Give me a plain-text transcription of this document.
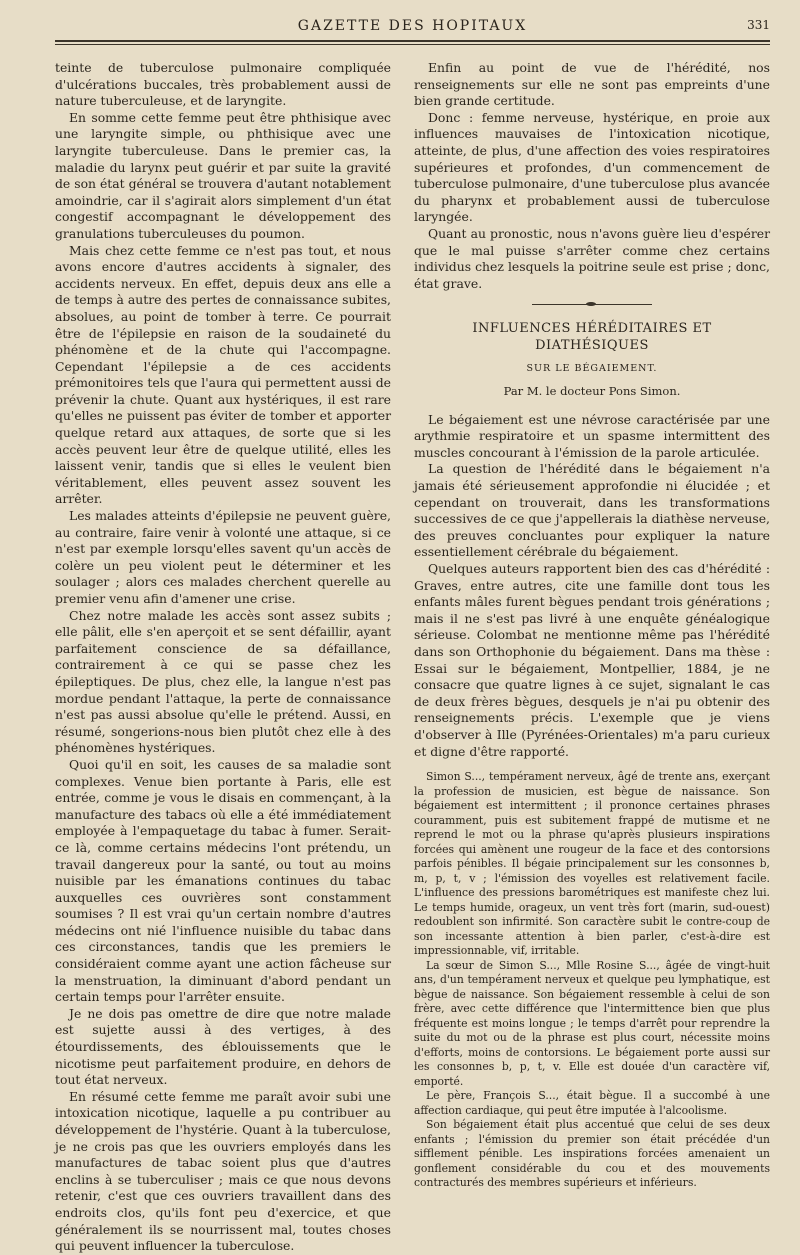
GAZETTE DES HOPITAUX	331

teinte de tuberculose pulmonaire compliquée d'ulcérations buccales, très probablement aussi de nature tuberculeuse, et de laryngite.

En somme cette femme peut être phthisique avec une laryngite simple, ou phthisique avec une laryngite tuberculeuse. Dans le premier cas, la maladie du larynx peut guérir et par suite la gravité de son état général se trouvera d'autant notablement amoindrie, car il s'agirait alors simplement d'un état congestif accompagnant le développement des granulations tuberculeuses du poumon.

Mais chez cette femme ce n'est pas tout, et nous avons encore d'autres accidents à signaler, des accidents nerveux. En effet, depuis deux ans elle a de temps à autre des pertes de connaissance subites, absolues, au point de tomber à terre. Ce pourrait être de l'épilepsie en raison de la soudaineté du phénomène et de la chute qui l'accompagne. Cependant l'épilepsie a de ces accidents prémonitoires tels que l'aura qui permettent aussi de prévenir la chute. Quant aux hystériques, il est rare qu'elles ne puissent pas éviter de tomber et apporter quelque retard aux attaques, de sorte que si les accès peuvent leur être de quelque utilité, elles les laissent venir, tandis que si elles le veulent bien véritablement, elles peuvent assez souvent les arrêter.

Les malades atteints d'épilepsie ne peuvent guère, au contraire, faire venir à volonté une attaque, si ce n'est par exemple lorsqu'elles savent qu'un accès de colère un peu violent peut le déterminer et les soulager ; alors ces malades cherchent querelle au premier venu afin d'amener une crise.

Chez notre malade les accès sont assez subits ; elle pâlit, elle s'en aperçoit et se sent défaillir, ayant parfaitement conscience de sa défaillance, contrairement à ce qui se passe chez les épileptiques. De plus, chez elle, la langue n'est pas mordue pendant l'attaque, la perte de connaissance n'est pas aussi absolue qu'elle le prétend. Aussi, en résumé, songerions-nous bien plutôt chez elle à des phénomènes hystériques.

Quoi qu'il en soit, les causes de sa maladie sont complexes. Venue bien portante à Paris, elle est entrée, comme je vous le disais en commençant, à la manufacture des tabacs où elle a été immédiatement employée à l'empaquetage du tabac à fumer. Serait-ce là, comme certains médecins l'ont prétendu, un travail dangereux pour la santé, ou tout au moins nuisible par les émanations continues du tabac auxquelles ces ouvrières sont constamment soumises ? Il est vrai qu'un certain nombre d'autres médecins ont nié l'influence nuisible du tabac dans ces circonstances, tandis que les premiers le considéraient comme ayant une action fâcheuse sur la menstruation, la diminuant d'abord pendant un certain temps pour l'arrêter ensuite.

Je ne dois pas omettre de dire que notre malade est sujette aussi à des vertiges, à des étourdissements, des éblouissements que le nicotisme peut parfaitement produire, en dehors de tout état nerveux.

En résumé cette femme me paraît avoir subi une intoxication nicotique, laquelle a pu contribuer au développement de l'hystérie. Quant à la tuberculose, je ne crois pas que les ouvriers employés dans les manufactures de tabac soient plus que d'autres enclins à se tuberculiser ; mais ce que nous devons retenir, c'est que ces ouvriers travaillent dans des endroits clos, qu'ils font peu d'exercice, et que généralement ils se nourrissent mal, toutes choses qui peuvent influencer la tuberculose.

Enfin au point de vue de l'hérédité, nos renseignements sur elle ne sont pas empreints d'une bien grande certitude.

Donc : femme nerveuse, hystérique, en proie aux influences mauvaises de l'intoxication nicotique, atteinte, de plus, d'une affection des voies respiratoires supérieures et profondes, d'un commencement de tuberculose pulmonaire, d'une tuberculose plus avancée du pharynx et probablement aussi de tuberculose laryngée.

Quant au pronostic, nous n'avons guère lieu d'espérer que le mal puisse s'arrêter comme chez certains individus chez lesquels la poitrine seule est prise ; donc, état grave.

INFLUENCES HÉRÉDITAIRES ET DIATHÉSIQUES
SUR LE BÉGAIEMENT.
Par M. le docteur Pons Simon.

Le bégaiement est une névrose caractérisée par une arythmie respiratoire et un spasme intermittent des muscles concourant à l'émission de la parole articulée.

La question de l'hérédité dans le bégaiement n'a jamais été sérieusement approfondie ni élucidée ; et cependant on trouverait, dans les transformations successives de ce que j'appellerais la diathèse nerveuse, des preuves concluantes pour expliquer la nature essentiellement cérébrale du bégaiement.

Quelques auteurs rapportent bien des cas d'hérédité : Graves, entre autres, cite une famille dont tous les enfants mâles furent bègues pendant trois générations ; mais il ne s'est pas livré à une enquête généalogique sérieuse. Colombat ne mentionne même pas l'hérédité dans son Orthophonie du bégaiement. Dans ma thèse : Essai sur le bégaiement, Montpellier, 1884, je ne consacre que quatre lignes à ce sujet, signalant le cas de deux frères bègues, desquels je n'ai pu obtenir des renseignements précis. L'exemple que je viens d'observer à Ille (Pyrénées-Orientales) m'a paru curieux et digne d'être rapporté.

Simon S..., tempérament nerveux, âgé de trente ans, exerçant la profession de musicien, est bègue de naissance. Son bégaiement est intermittent ; il prononce certaines phrases couramment, puis est subitement frappé de mutisme et ne reprend le mot ou la phrase qu'après plusieurs inspirations forcées qui amènent une rougeur de la face et des contorsions parfois pénibles. Il bégaie principalement sur les consonnes b, m, p, t, v ; l'émission des voyelles est relativement facile. L'influence des pressions barométriques est manifeste chez lui. Le temps humide, orageux, un vent très fort (marin, sud-ouest) redoublent son infirmité. Son caractère subit le contre-coup de son incessante attention à bien parler, c'est-à-dire est impressionnable, vif, irritable.

La sœur de Simon S..., Mlle Rosine S..., âgée de vingt-huit ans, d'un tempérament nerveux et quelque peu lymphatique, est bègue de naissance. Son bégaiement ressemble à celui de son frère, avec cette différence que l'intermittence bien que plus fréquente est moins longue ; le temps d'arrêt pour reprendre la suite du mot ou de la phrase est plus court, nécessite moins d'efforts, moins de contorsions. Le bégaiement porte aussi sur les consonnes b, p, t, v. Elle est douée d'un caractère vif, emporté.

Le père, François S..., était bègue. Il a succombé à une affection cardiaque, qui peut être imputée à l'alcoolisme.

Son bégaiement était plus accentué que celui de ses deux enfants ; l'émission du premier son était précédée d'un sifflement pénible. Les inspirations forcées amenaient un gonflement considérable du cou et des mouvements contracturés des membres supérieurs et inférieurs.
